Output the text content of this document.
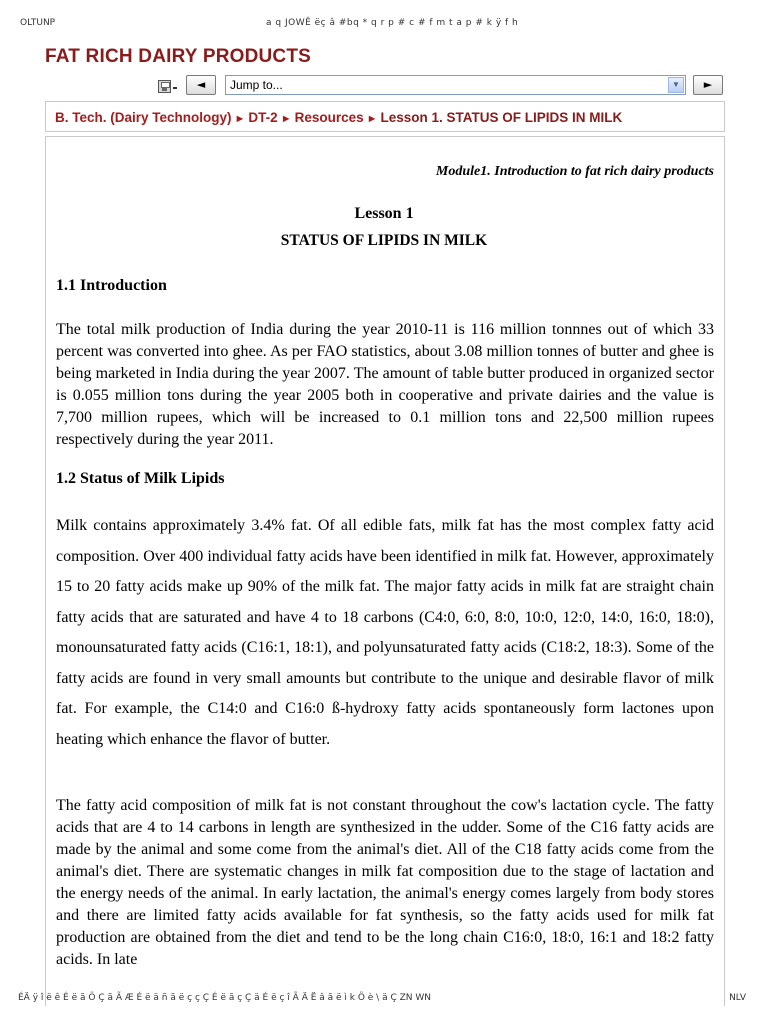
OLTUNP	a q JOWÊ ëç â #bq * q r p # c # f m t a p # k ÿ f h
FAT RICH DAIRY PRODUCTS
◄	Jump to...	▼	►
B. Tech. (Dairy Technology) ► DT-2 ► Resources ► Lesson 1. STATUS OF LIPIDS IN MILK
Module1. Introduction to fat rich dairy products
Lesson 1
STATUS OF LIPIDS IN MILK
1.1 Introduction

The total milk production of India during the year 2010-11 is 116 million tonnnes out of which 33 percent was converted into ghee. As per FAO statistics, about 3.08 million tonnes of butter and ghee is being marketed in India during the year 2007. The amount of table butter produced in organized sector is 0.055 million tons during the year 2005 both in cooperative and private dairies and the value is 7,700 million rupees, which will be increased to 0.1 million tons and 22,500 million rupees respectively during the year 2011.

1.2 Status of Milk Lipids

Milk contains approximately 3.4% fat. Of all edible fats, milk fat has the most complex fatty acid composition. Over 400 individual fatty acids have been identified in milk fat. However, approximately 15 to 20 fatty acids make up 90% of the milk fat. The major fatty acids in milk fat are straight chain fatty acids that are saturated and have 4 to 18 carbons (C4:0, 6:0, 8:0, 10:0, 12:0, 14:0, 16:0, 18:0), monounsaturated fatty acids (C16:1, 18:1), and polyunsaturated fatty acids (C18:2, 18:3). Some of the fatty acids are found in very small amounts but contribute to the unique and desirable flavor of milk fat. For example, the C14:0 and C16:0 ß-hydroxy fatty acids spontaneously form lactones upon heating which enhance the flavor of butter.

The fatty acid composition of milk fat is not constant throughout the cow's lactation cycle. The fatty acids that are 4 to 14 carbons in length are synthesized in the udder. Some of the C16 fatty acids are made by the animal and some come from the animal's diet. All of the C18 fatty acids come from the animal's diet. There are systematic changes in milk fat composition due to the stage of lactation and the energy needs of the animal. In early lactation, the animal's energy comes largely from body stores and there are limited fatty acids available for fat synthesis, so the fatty acids used for milk fat production are obtained from the diet and tend to be the long chain C16:0, 18:0, 16:1 and 18:2 fatty acids. In late

ÉÄ ÿ î ë ê É ë ã Ö Ç ã Ã Æ É ë ä ñ ã ë ç ç Ç É ë ã ç Ç ä É ë ç î Ã Ä Ë â ã ë ì k Ö è \ ä Ç ZN WN	NLV
